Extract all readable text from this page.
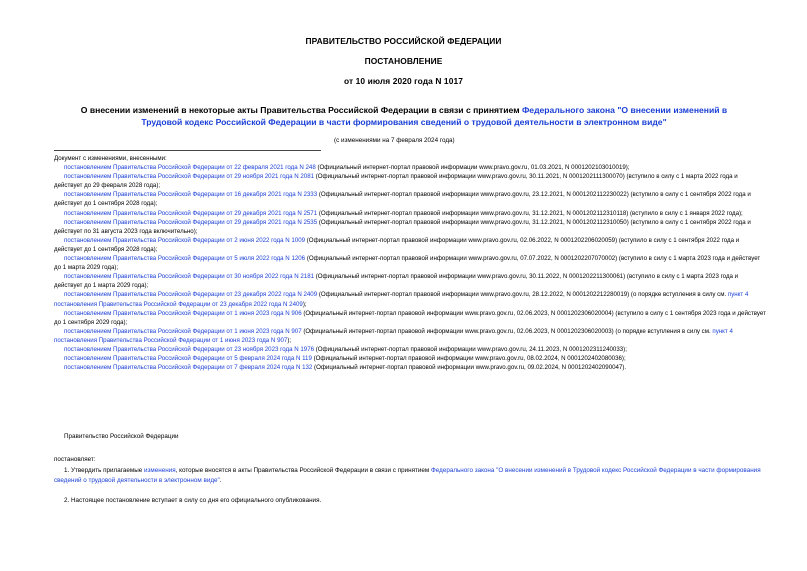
ПРАВИТЕЛЬСТВО РОССИЙСКОЙ ФЕДЕРАЦИИ
ПОСТАНОВЛЕНИЕ
от 10 июля 2020 года N 1017
О внесении изменений в некоторые акты Правительства Российской Федерации в связи с принятием Федерального закона "О внесении изменений в Трудовой кодекс Российской Федерации в части формирования сведений о трудовой деятельности в электронном виде"
(с изменениями на 7 февраля 2024 года)

Документ с изменениями, внесенными:

постановлением Правительства Российской Федерации от 22 февраля 2021 года N 248 (Официальный интернет-портал правовой информации www.pravo.gov.ru, 01.03.2021, N 0001202103010019);

постановлением Правительства Российской Федерации от 29 ноября 2021 года N 2081 (Официальный интернет-портал правовой информации www.pravo.gov.ru, 30.11.2021, N 0001202111300070) (вступило в силу с 1 марта 2022 года и действует до 29 февраля 2028 года);

постановлением Правительства Российской Федерации от 16 декабря 2021 года N 2333 (Официальный интернет-портал правовой информации www.pravo.gov.ru, 23.12.2021, N 0001202112230022) (вступило в силу с 1 сентября 2022 года и действует до 1 сентября 2028 года);

постановлением Правительства Российской Федерации от 29 декабря 2021 года N 2571 (Официальный интернет-портал правовой информации www.pravo.gov.ru, 31.12.2021, N 0001202112310118) (вступило в силу с 1 января 2022 года);

постановлением Правительства Российской Федерации от 29 декабря 2021 года N 2535 (Официальный интернет-портал правовой информации www.pravo.gov.ru, 31.12.2021, N 0001202112310050) (вступило в силу с 1 сентября 2022 года и действует по 31 августа 2023 года включительно);

постановлением Правительства Российской Федерации от 2 июня 2022 года N 1009 (Официальный интернет-портал правовой информации www.pravo.gov.ru, 02.06.2022, N 0001202206020059) (вступило в силу с 1 сентября 2022 года и действует до 1 сентября 2028 года);

постановлением Правительства Российской Федерации от 5 июля 2022 года N 1206 (Официальный интернет-портал правовой информации www.pravo.gov.ru, 07.07.2022, N 0001202207070002) (вступило в силу с 1 марта 2023 года и действует до 1 марта 2029 года);

постановлением Правительства Российской Федерации от 30 ноября 2022 года N 2181 (Официальный интернет-портал правовой информации www.pravo.gov.ru, 30.11.2022, N 0001202211300061) (вступило в силу с 1 марта 2023 года и действует до 1 марта 2029 года);

постановлением Правительства Российской Федерации от 23 декабря 2022 года N 2409 (Официальный интернет-портал правовой информации www.pravo.gov.ru, 28.12.2022, N 0001202212280019) (о порядке вступления в силу см. пункт 4 постановления Правительства Российской Федерации от 23 декабря 2022 года N 2409);

постановлением Правительства Российской Федерации от 1 июня 2023 года N 906 (Официальный интернет-портал правовой информации www.pravo.gov.ru, 02.06.2023, N 0001202306020004) (вступило в силу с 1 сентября 2023 года и действует до 1 сентября 2029 года);

постановлением Правительства Российской Федерации от 1 июня 2023 года N 907 (Официальный интернет-портал правовой информации www.pravo.gov.ru, 02.06.2023, N 0001202306020003) (о порядке вступления в силу см. пункт 4 постановления Правительства Российской Федерации от 1 июня 2023 года N 907);

постановлением Правительства Российской Федерации от 23 ноября 2023 года N 1976 (Официальный интернет-портал правовой информации www.pravo.gov.ru, 24.11.2023, N 0001202311240033);

постановлением Правительства Российской Федерации от 5 февраля 2024 года N 119 (Официальный интернет-портал правовой информации www.pravo.gov.ru, 08.02.2024, N 0001202402080036);

постановлением Правительства Российской Федерации от 7 февраля 2024 года N 132 (Официальный интернет-портал правовой информации www.pravo.gov.ru, 09.02.2024, N 0001202402090047).

Правительство Российской Федерации

постановляет:

1. Утвердить прилагаемые изменения, которые вносятся в акты Правительства Российской Федерации в связи с принятием Федерального закона "О внесении изменений в Трудовой кодекс Российской Федерации в части формирования сведений о трудовой деятельности в электронном виде".

2. Настоящее постановление вступает в силу со дня его официального опубликования.
